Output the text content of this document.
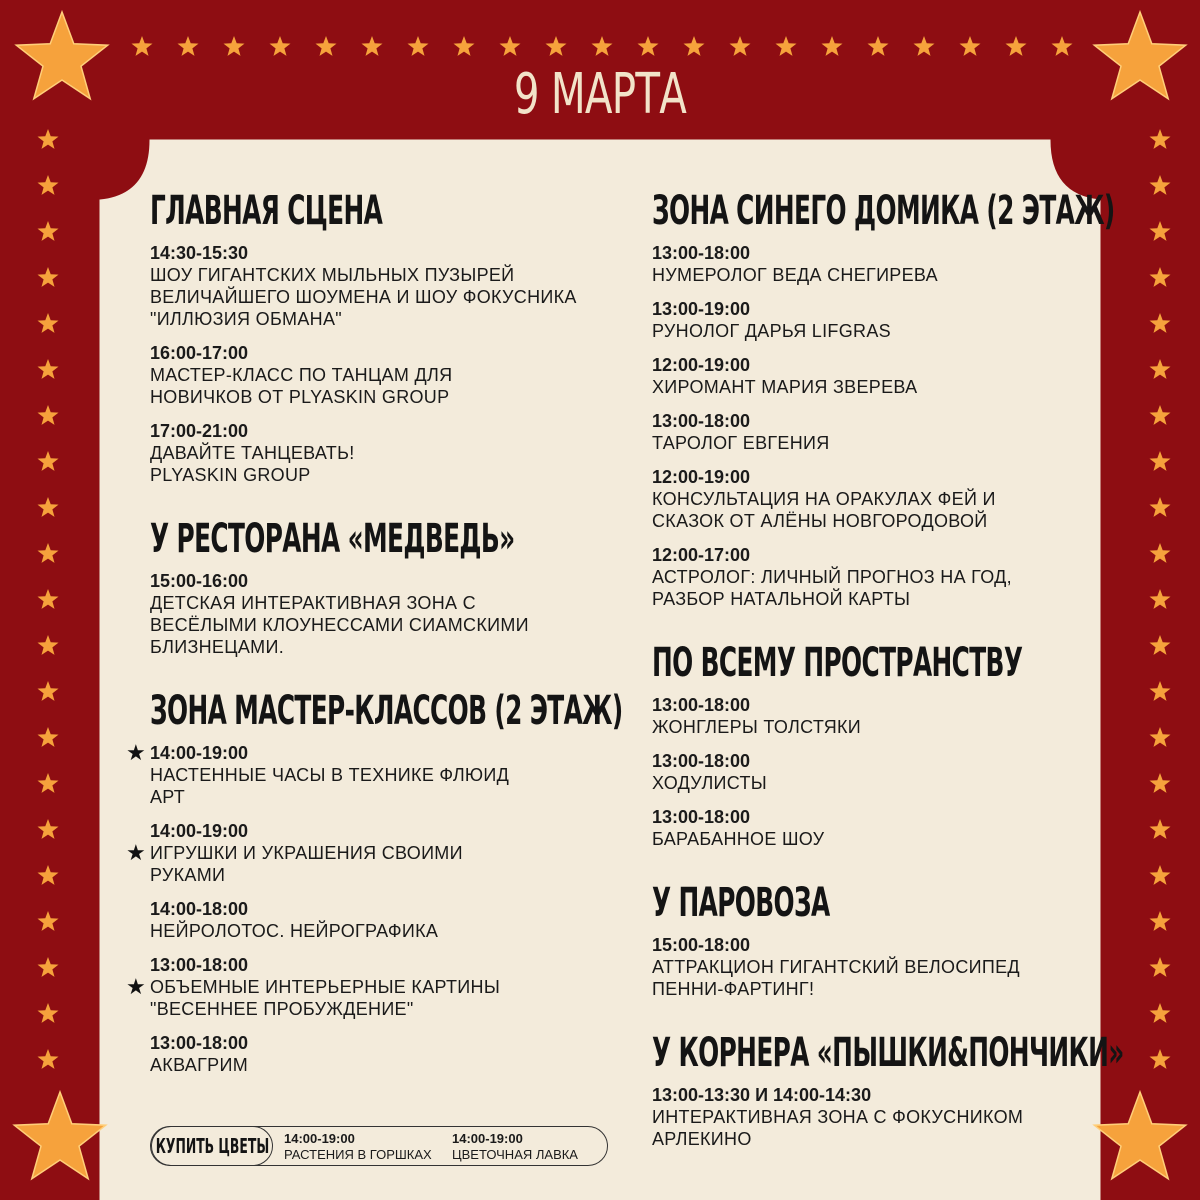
9 МАРТА
ГЛАВНАЯ СЦЕНА
14:30-15:30
ШОУ ГИГАНТСКИХ МЫЛЬНЫХ ПУЗЫРЕЙ
ВЕЛИЧАЙШЕГО ШОУМЕНА И ШОУ ФОКУСНИКА
"ИЛЛЮЗИЯ ОБМАНА"
16:00-17:00
МАСТЕР-КЛАСС ПО ТАНЦАМ ДЛЯ
НОВИЧКОВ ОТ PLYASKIN GROUP
17:00-21:00
ДАВАЙТЕ ТАНЦЕВАТЬ!
PLYASKIN GROUP
У РЕСТОРАНА «МЕДВЕДЬ»
15:00-16:00
ДЕТСКАЯ ИНТЕРАКТИВНАЯ ЗОНА С
ВЕСЁЛЫМИ КЛОУНЕССАМИ СИАМСКИМИ
БЛИЗНЕЦАМИ.
ЗОНА МАСТЕР-КЛАССОВ (2 ЭТАЖ)
★ 14:00-19:00
НАСТЕННЫЕ ЧАСЫ В ТЕХНИКЕ ФЛЮИД
АРТ
★
14:00-19:00
ИГРУШКИ И УКРАШЕНИЯ СВОИМИ
РУКАМИ
14:00-18:00
НЕЙРОЛОТОС. НЕЙРОГРАФИКА
★
13:00-18:00
ОБЪЕМНЫЕ ИНТЕРЬЕРНЫЕ КАРТИНЫ
"ВЕСЕННЕЕ ПРОБУЖДЕНИЕ"
13:00-18:00
АКВАГРИМ
ЗОНА СИНЕГО ДОМИКА (2 ЭТАЖ)
13:00-18:00
НУМЕРОЛОГ ВЕДА СНЕГИРЕВА
13:00-19:00
РУНОЛОГ ДАРЬЯ LIFGRAS
12:00-19:00
ХИРОМАНТ МАРИЯ ЗВЕРЕВА
13:00-18:00
ТАРОЛОГ ЕВГЕНИЯ
12:00-19:00
КОНСУЛЬТАЦИЯ НА ОРАКУЛАХ ФЕЙ И
СКАЗОК ОТ АЛЁНЫ НОВГОРОДОВОЙ
12:00-17:00
АСТРОЛОГ: ЛИЧНЫЙ ПРОГНОЗ НА ГОД,
РАЗБОР НАТАЛЬНОЙ КАРТЫ
ПО ВСЕМУ ПРОСТРАНСТВУ
13:00-18:00
ЖОНГЛЕРЫ ТОЛСТЯКИ
13:00-18:00
ХОДУЛИСТЫ
13:00-18:00
БАРАБАННОЕ ШОУ
У ПАРОВОЗА
15:00-18:00
АТТРАКЦИОН ГИГАНТСКИЙ ВЕЛОСИПЕД
ПЕННИ-ФАРТИНГ!
У КОРНЕРА «ПЫШКИ&ПОНЧИКИ»
13:00-13:30 И 14:00-14:30
ИНТЕРАКТИВНАЯ ЗОНА С ФОКУСНИКОМ
АРЛЕКИНО
КУПИТЬ ЦВЕТЫ 14:00-19:00
РАСТЕНИЯ В ГОРШКАХ
14:00-19:00
ЦВЕТОЧНАЯ ЛАВКА
